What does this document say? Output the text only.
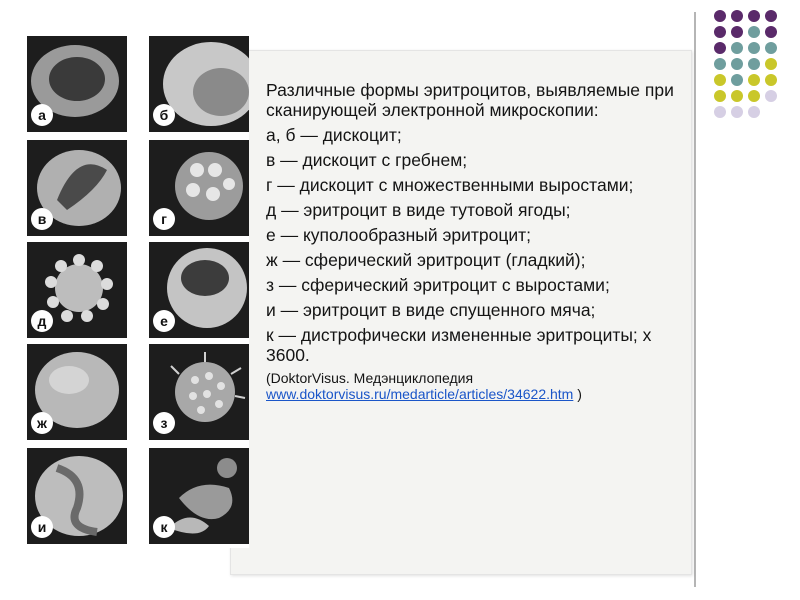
а	б
в	г
д	е
ж	з
и	к

Различные формы эритроцитов, выявляемые при сканирующей электронной микроскопии:

а, б — дискоцит;

в — дискоцит с гребнем;

г — дискоцит с множественными выростами;

д — эритроцит в виде тутовой ягоды;

е — куполообразный эритроцит;

ж — сферический эритроцит (гладкий);

з — сферический эритроцит с выростами;

и — эритроцит в виде спущенного мяча;

к — дистрофически измененные эритроциты; х 3600.

(DoktorVisus. Медэнциклопедия
www.doktorvisus.ru/medarticle/articles/34622.htm )
